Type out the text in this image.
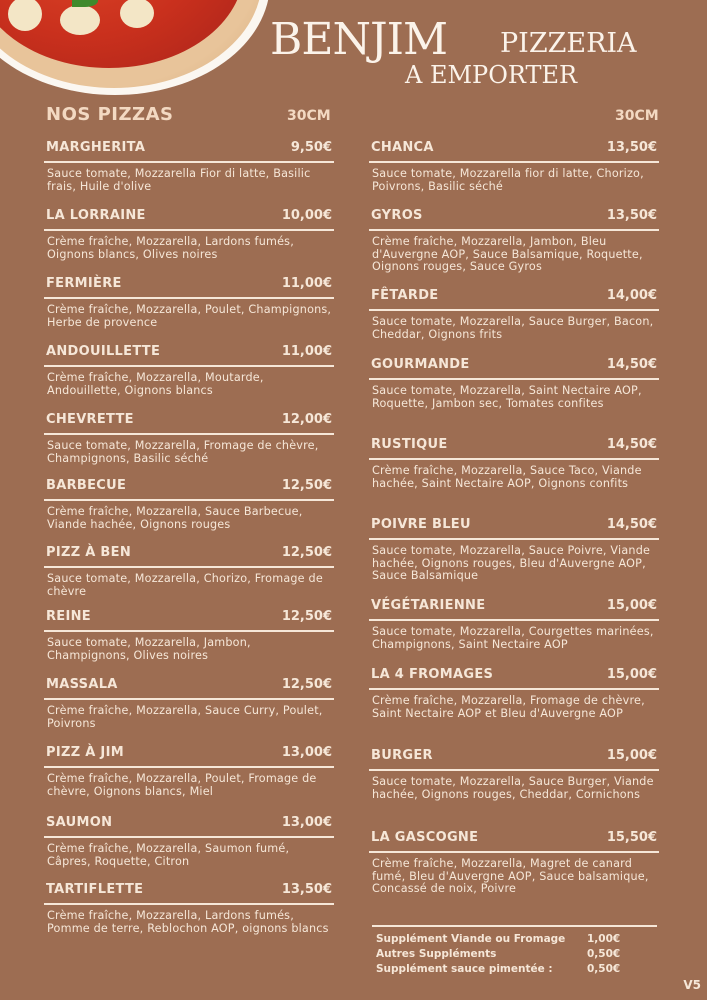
BENJIM PIZZERIA
A EMPORTER
NOS PIZZAS	30CM	30CM
MARGHERITA	9,50€
Sauce tomate, Mozzarella Fior di latte, Basilic frais, Huile d'olive
LA LORRAINE	10,00€
Crème fraîche, Mozzarella, Lardons fumés, Oignons blancs, Olives noires
FERMIÈRE	11,00€
Crème fraîche, Mozzarella, Poulet, Champignons, Herbe de provence
ANDOUILLETTE	11,00€
Crème fraîche, Mozzarella, Moutarde, Andouillette, Oignons blancs
CHEVRETTE	12,00€
Sauce tomate, Mozzarella, Fromage de chèvre, Champignons, Basilic séché
BARBECUE	12,50€
Crème fraîche, Mozzarella, Sauce Barbecue, Viande hachée, Oignons rouges
PIZZ À BEN	12,50€
Sauce tomate, Mozzarella, Chorizo, Fromage de chèvre
REINE	12,50€
Sauce tomate, Mozzarella, Jambon, Champignons, Olives noires
MASSALA	12,50€
Crème fraîche, Mozzarella, Sauce Curry, Poulet, Poivrons
PIZZ À JIM	13,00€
Crème fraîche, Mozzarella, Poulet, Fromage de chèvre, Oignons blancs, Miel
SAUMON	13,00€
Crème fraîche, Mozzarella, Saumon fumé, Câpres, Roquette, Citron
TARTIFLETTE	13,50€
Crème fraîche, Mozzarella, Lardons fumés, Pomme de terre, Reblochon AOP, oignons blancs
CHANCA	13,50€
Sauce tomate, Mozzarella fior di latte, Chorizo, Poivrons, Basilic séché
GYROS	13,50€
Crème fraîche, Mozzarella, Jambon, Bleu d'Auvergne AOP, Sauce Balsamique, Roquette, Oignons rouges, Sauce Gyros
FÊTARDE	14,00€
Sauce tomate, Mozzarella, Sauce Burger, Bacon, Cheddar, Oignons frits
GOURMANDE	14,50€
Sauce tomate, Mozzarella, Saint Nectaire AOP, Roquette, Jambon sec, Tomates confites
RUSTIQUE	14,50€
Crème fraîche, Mozzarella, Sauce Taco, Viande hachée, Saint Nectaire AOP, Oignons confits
POIVRE BLEU	14,50€
Sauce tomate, Mozzarella, Sauce Poivre, Viande hachée, Oignons rouges, Bleu d'Auvergne AOP, Sauce Balsamique
VÉGÉTARIENNE	15,00€
Sauce tomate, Mozzarella, Courgettes marinées, Champignons, Saint Nectaire AOP
LA 4 FROMAGES	15,00€
Crème fraîche, Mozzarella, Fromage de chèvre, Saint Nectaire AOP et Bleu d'Auvergne AOP
BURGER	15,00€
Sauce tomate, Mozzarella, Sauce Burger, Viande hachée, Oignons rouges, Cheddar, Cornichons
LA GASCOGNE	15,50€
Crème fraîche, Mozzarella, Magret de canard fumé, Bleu d'Auvergne AOP, Sauce balsamique, Concassé de noix, Poivre
Supplément Viande ou Fromage	1,00€
Autres Suppléments	0,50€
Supplément sauce pimentée :	0,50€
V5
